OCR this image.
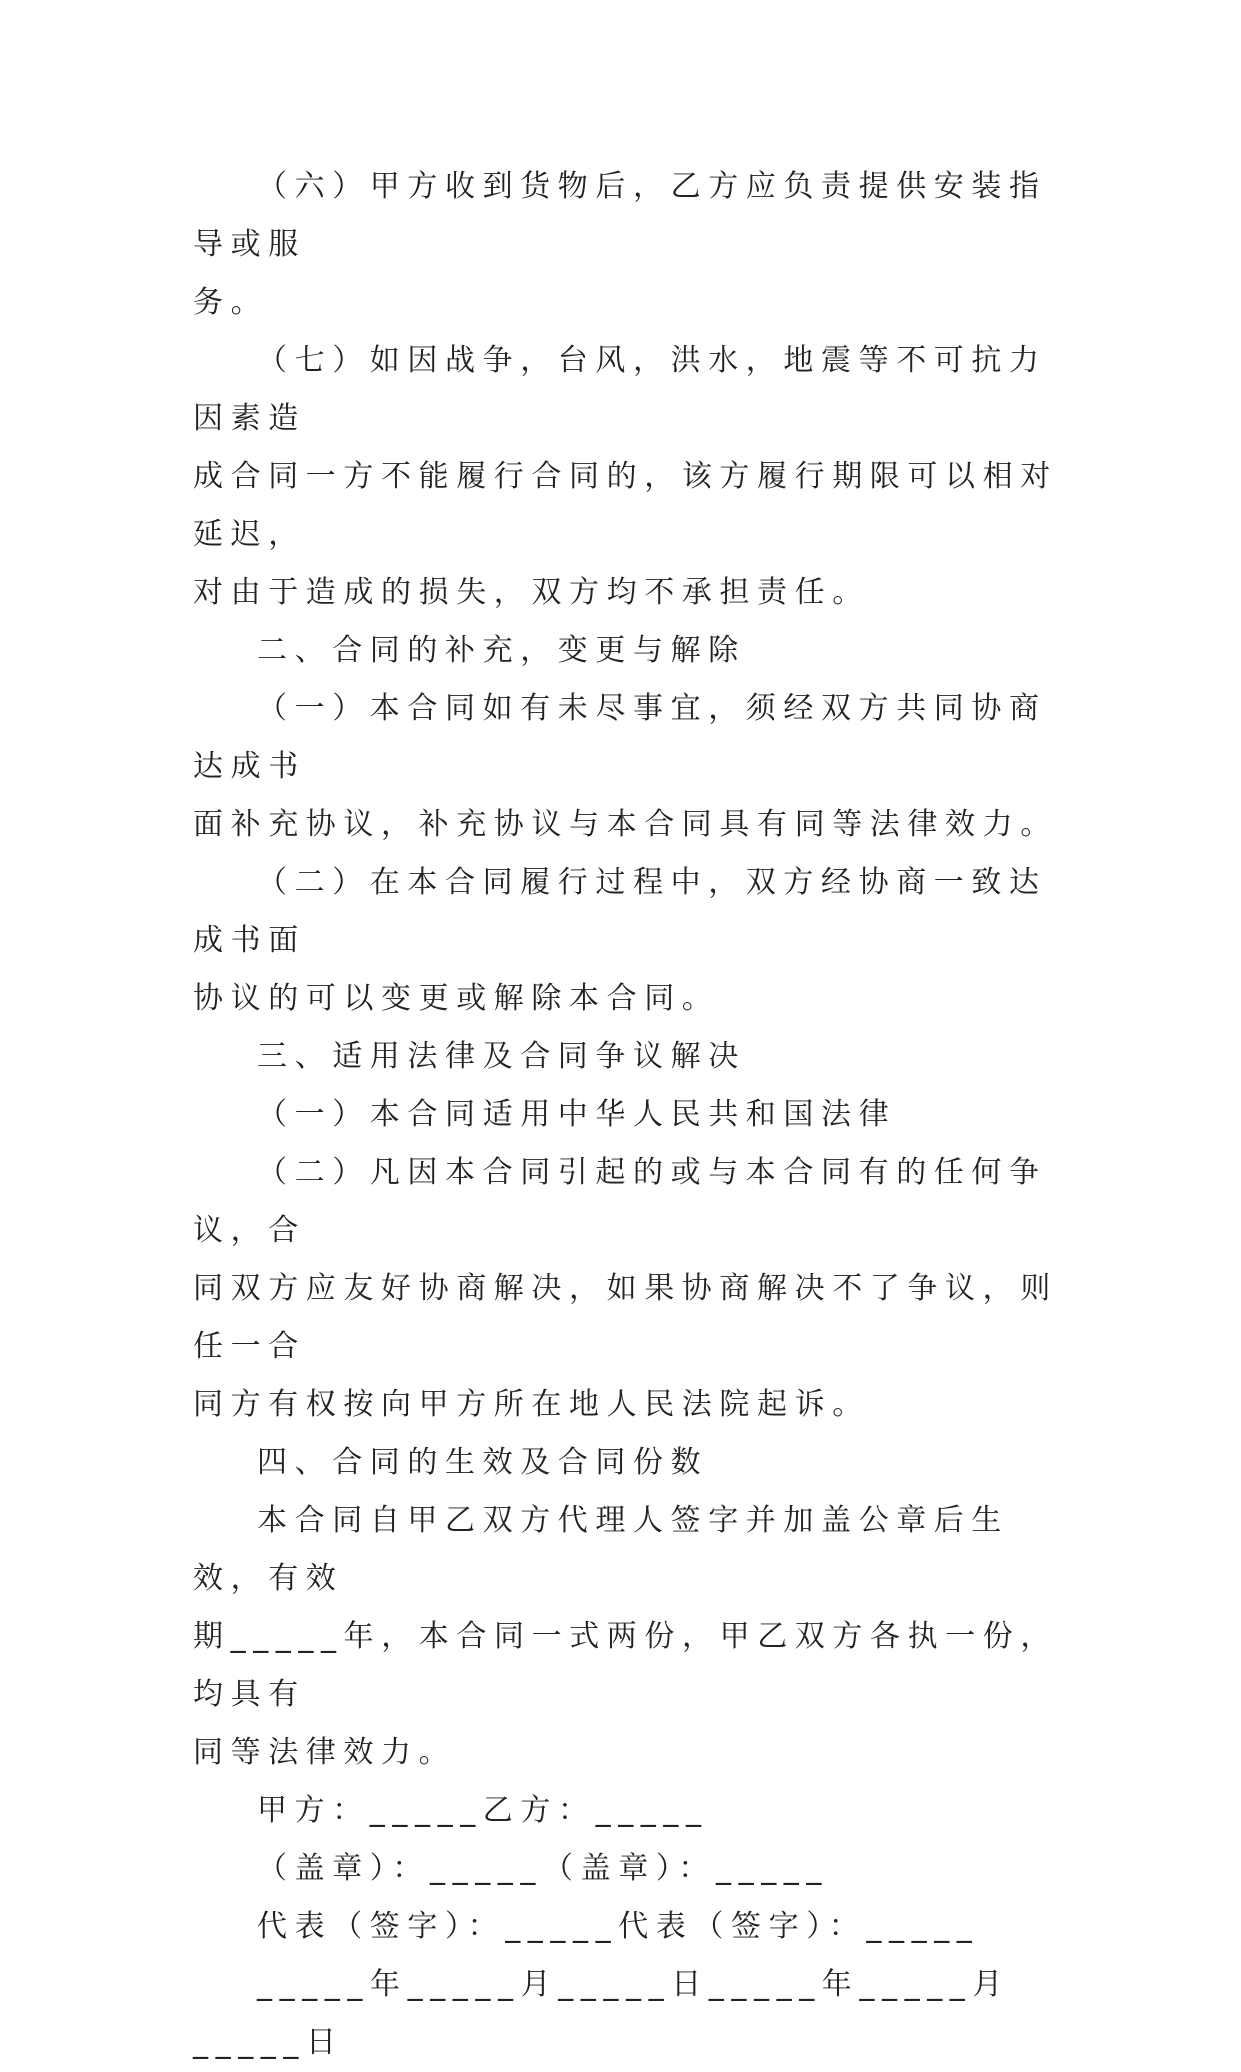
（六）甲方收到货物后，乙方应负责提供安装指导或服
务。

（七）如因战争，台风，洪水，地震等不可抗力因素造
成合同一方不能履行合同的，该方履行期限可以相对延迟，
对由于造成的损失，双方均不承担责任。

二、合同的补充，变更与解除

（一）本合同如有未尽事宜，须经双方共同协商达成书
面补充协议，补充协议与本合同具有同等法律效力。

（二）在本合同履行过程中，双方经协商一致达成书面
协议的可以变更或解除本合同。

三、适用法律及合同争议解决

（一）本合同适用中华人民共和国法律

（二）凡因本合同引起的或与本合同有的任何争议，合
同双方应友好协商解决，如果协商解决不了争议，则任一合
同方有权按向甲方所在地人民法院起诉。

四、合同的生效及合同份数

本合同自甲乙双方代理人签字并加盖公章后生效，有效
期_____年，本合同一式两份，甲乙双方各执一份，均具有
同等法律效力。

甲方：_____乙方：_____

（盖章）：_____（盖章）：_____

代表（签字）：_____代表（签字）：_____

_____年_____月_____日_____年_____月_____日
